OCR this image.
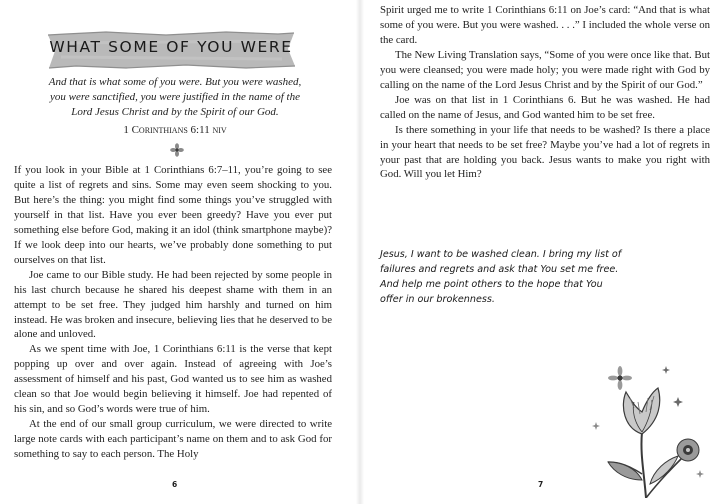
WHAT SOME OF YOU WERE

And that is what some of you were. But you were washed, you were sanctified, you were justified in the name of the Lord Jesus Christ and by the Spirit of our God.

1 Corinthians 6:11 niv

If you look in your Bible at 1 Corinthians 6:7–11, you’re going to see quite a list of regrets and sins. Some may even seem shocking to you. But here’s the thing: you might find some things you’ve struggled with yourself in that list. Have you ever been greedy? Have you ever put something else before God, making it an idol (think smartphone maybe)? If we look deep into our hearts, we’ve probably done something to put ourselves on that list.

Joe came to our Bible study. He had been rejected by some people in his last church because he shared his deepest shame with them in an attempt to be set free. They judged him harshly and turned on him instead. He was broken and insecure, believing lies that he deserved to be alone and unloved.

As we spent time with Joe, 1 Corinthians 6:11 is the verse that kept popping up over and over again. Instead of agreeing with Joe’s assessment of himself and his past, God wanted us to see him as washed clean so that Joe would begin believing it himself. Joe had repented of his sin, and so God’s words were true of him.

At the end of our small group curriculum, we were directed to write large note cards with each participant’s name on them and to ask God for something to say to each person. The Holy

6

Spirit urged me to write 1 Corinthians 6:11 on Joe’s card: “And that is what some of you were. But you were washed. . . .” I included the whole verse on the card.

The New Living Translation says, “Some of you were once like that. But you were cleansed; you were made holy; you were made right with God by calling on the name of the Lord Jesus Christ and by the Spirit of our God.”

Joe was on that list in 1 Corinthians 6. But he was washed. He had called on the name of Jesus, and God wanted him to be set free.

Is there something in your life that needs to be washed? Is there a place in your heart that needs to be set free? Maybe you’ve had a lot of regrets in your past that are holding you back. Jesus wants to make you right with God. Will you let Him?

Jesus, I want to be washed clean. I bring my list of failures and regrets and ask that You set me free. And help me point others to the hope that You offer in our brokenness.

7
